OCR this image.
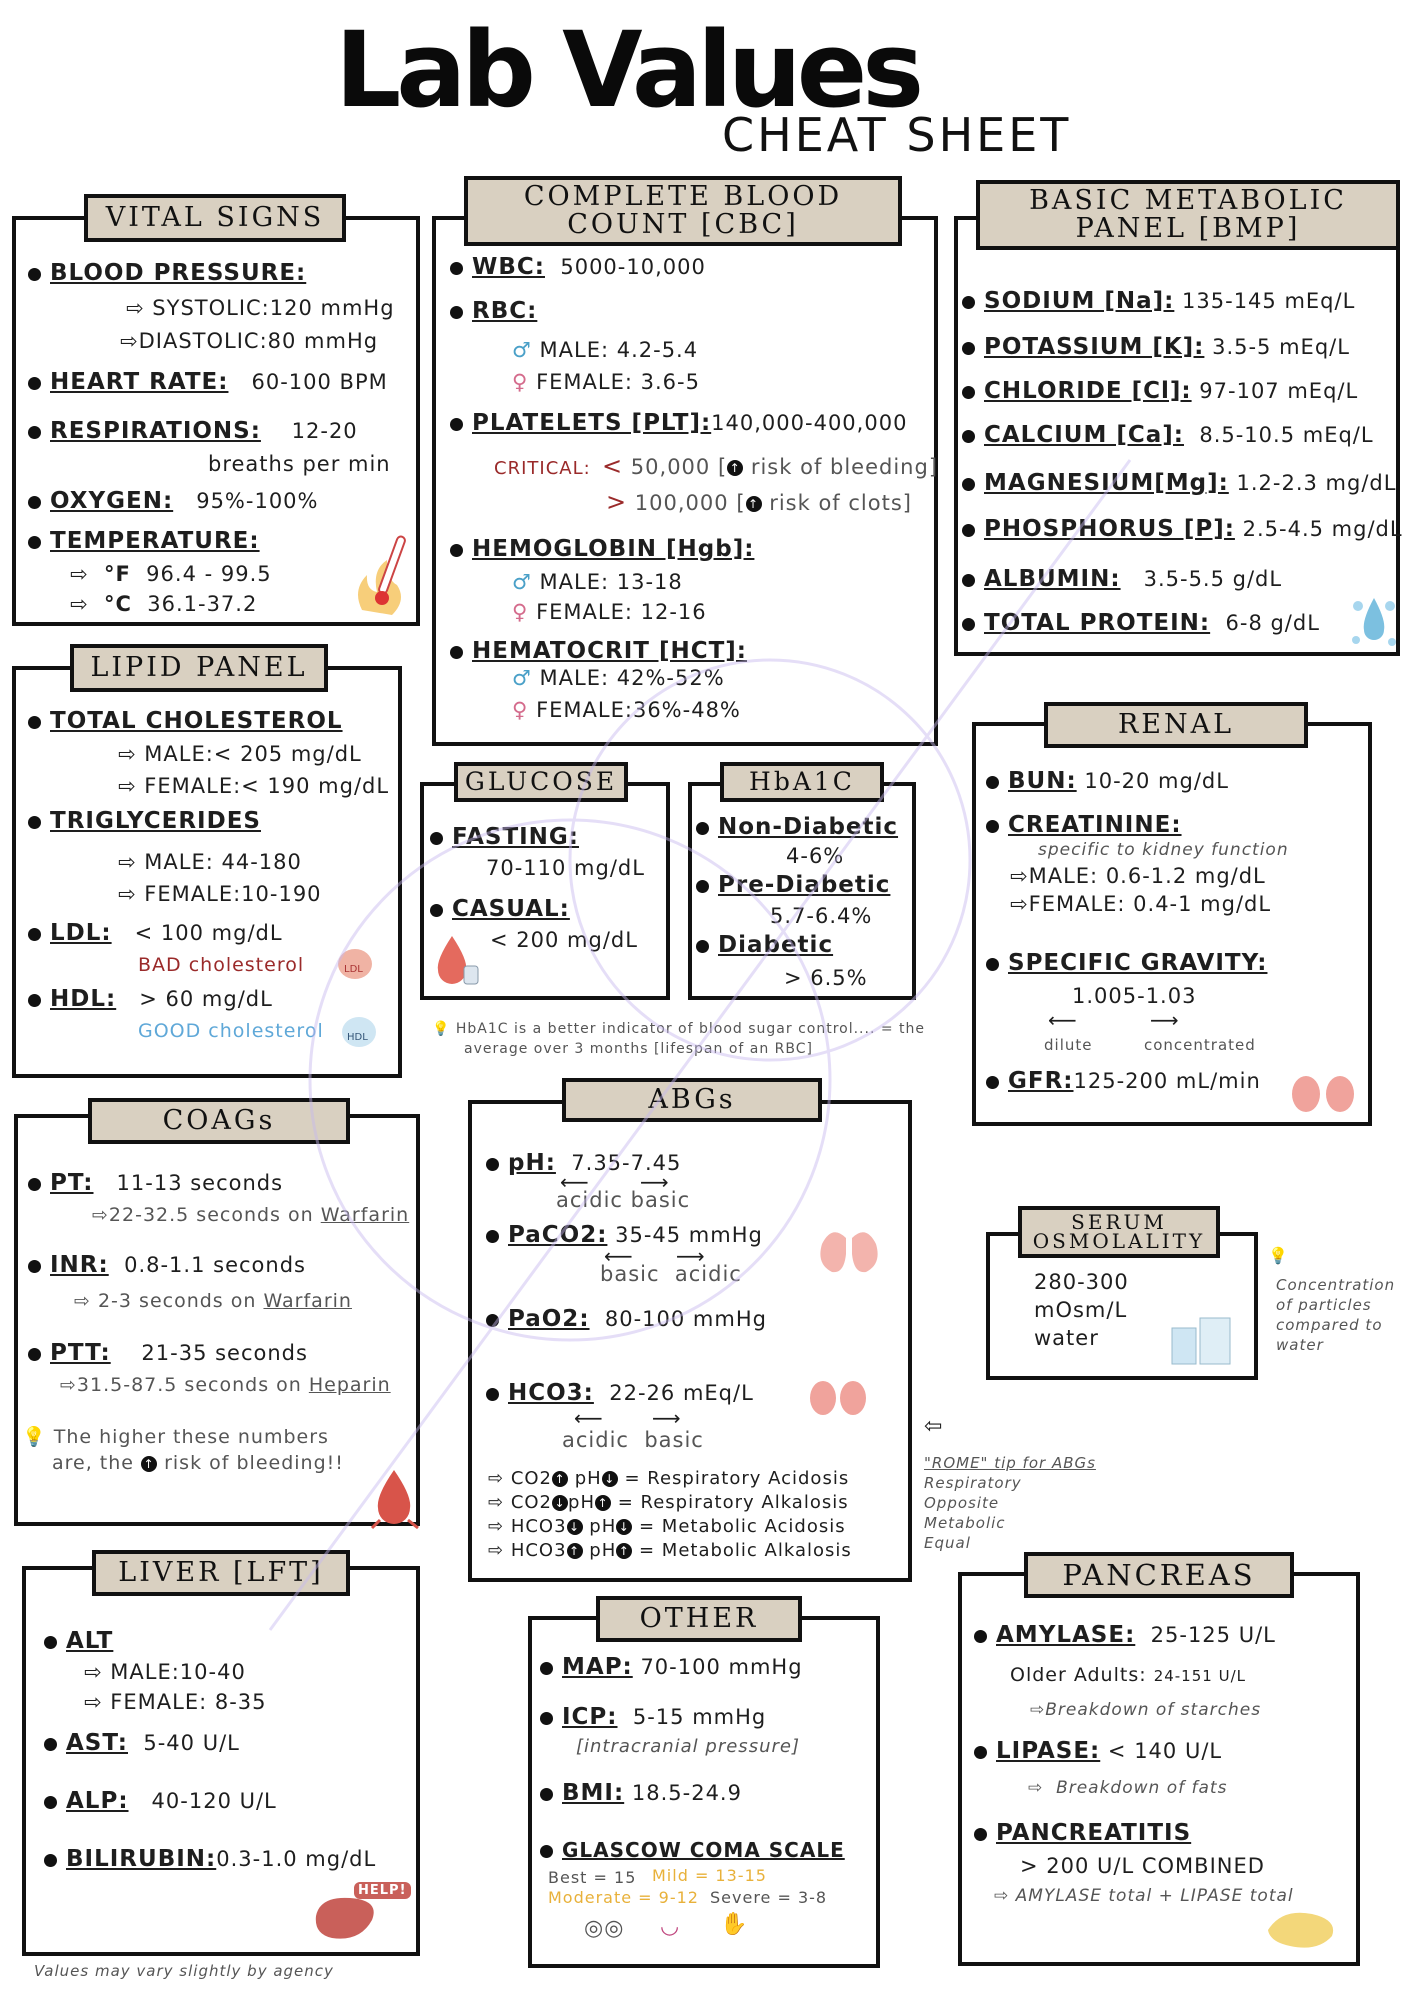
Lab Values
CHEAT SHEET
VITAL SIGNS
BLOOD PRESSURE:
⇨ SYSTOLIC:120 mmHg
⇨DIASTOLIC:80 mmHg
HEART RATE: 60-100 BPM
RESPIRATIONS: 12-20
breaths per min
OXYGEN: 95%-100%
TEMPERATURE:
⇨  °F 96.4 - 99.5
⇨  °C 36.1-37.2
COMPLETE BLOOD COUNT [CBC]
WBC: 5000-10,000
RBC:
♂ MALE: 4.2-5.4
♀ FEMALE: 3.6-5
PLATELETS [PLT]:140,000-400,000
CRITICAL: < 50,000 [ ↑ risk of bleeding]
> 100,000 [ ↑ risk of clots]
HEMOGLOBIN [Hgb]:
♂ MALE: 13-18
♀ FEMALE: 12-16
HEMATOCRIT [HCT]:
♂ MALE: 42%-52%
♀ FEMALE:36%-48%
BASIC METABOLIC PANEL [BMP]
SODIUM [Na]: 135-145 mEq/L
POTASSIUM [K]: 3.5-5 mEq/L
CHLORIDE [Cl]: 97-107 mEq/L
CALCIUM [Ca]: 8.5-10.5 mEq/L
MAGNESIUM[Mg]: 1.2-2.3 mg/dL
PHOSPHORUS [P]: 2.5-4.5 mg/dL
ALBUMIN: 3.5-5.5 g/dL
TOTAL PROTEIN: 6-8 g/dL
LIPID PANEL
TOTAL CHOLESTEROL
⇨ MALE:< 205 mg/dL
⇨ FEMALE:< 190 mg/dL
TRIGLYCERIDES
⇨ MALE: 44-180
⇨ FEMALE:10-190
LDL: < 100 mg/dL
BAD cholesterol
HDL: > 60 mg/dL
GOOD cholesterol
LDL
HDL
GLUCOSE
FASTING:
70-110 mg/dL
CASUAL:
< 200 mg/dL
HbA1C
Non-Diabetic
4-6%
Pre-Diabetic
5.7-6.4%
Diabetic
> 6.5%
💡 HbA1C is a better indicator of blood sugar control.... = the
average over 3 months [lifespan of an RBC]
RENAL
BUN: 10-20 mg/dL
CREATININE:
specific to kidney function
⇨MALE: 0.6-1.2 mg/dL
⇨FEMALE: 0.4-1 mg/dL
SPECIFIC GRAVITY:
1.005-1.03
⟵	⟶
dilute	concentrated
GFR:125-200 mL/min
COAGs
PT: 11-13 seconds
⇨22-32.5 seconds on Warfarin
INR: 0.8-1.1 seconds
⇨ 2-3 seconds on Warfarin
PTT: 21-35 seconds
⇨31.5-87.5 seconds on Heparin
💡 The higher these numbers
are, the ↑ risk of bleeding!!
ABGs
pH: 7.35-7.45
⟵	⟶
acidic basic
PaCO2: 35-45 mmHg
⟵ ⟶
basic acidic
PaO2: 80-100 mmHg
HCO3: 22-26 mEq/L
⟵ ⟶
acidic basic
⇨ CO2 ↑ pH ↓ = Respiratory Acidosis
⇨ CO2 ↓ pH ↑ = Respiratory Alkalosis
⇨ HCO3 ↓ pH ↓ = Metabolic Acidosis
⇨ HCO3 ↑ pH ↑ = Metabolic Alkalosis
SERUM OSMOLALITY
280-300
mOsm/L
water
💡
Concentration
of particles
compared to
water
⇦
"ROME" tip for ABGs
Respiratory
Opposite
Metabolic
Equal
LIVER [LFT]
ALT
⇨ MALE:10-40
⇨ FEMALE: 8-35
AST: 5-40 U/L
ALP: 40-120 U/L
BILIRUBIN:0.3-1.0 mg/dL
HELP!
OTHER
MAP: 70-100 mmHg
ICP: 5-15 mmHg
[intracranial pressure]
BMI: 18.5-24.9
GLASCOW COMA SCALE
Best = 15 Mild = 13-15
Moderate = 9-12 Severe = 3-8
◎◎ ◡ ✋
PANCREAS
AMYLASE: 25-125 U/L
Older Adults: 24-151 U/L
⇨Breakdown of starches
LIPASE: < 140 U/L
⇨  Breakdown of fats
PANCREATITIS
> 200 U/L COMBINED
⇨ AMYLASE total + LIPASE total
Values may vary slightly by agency
